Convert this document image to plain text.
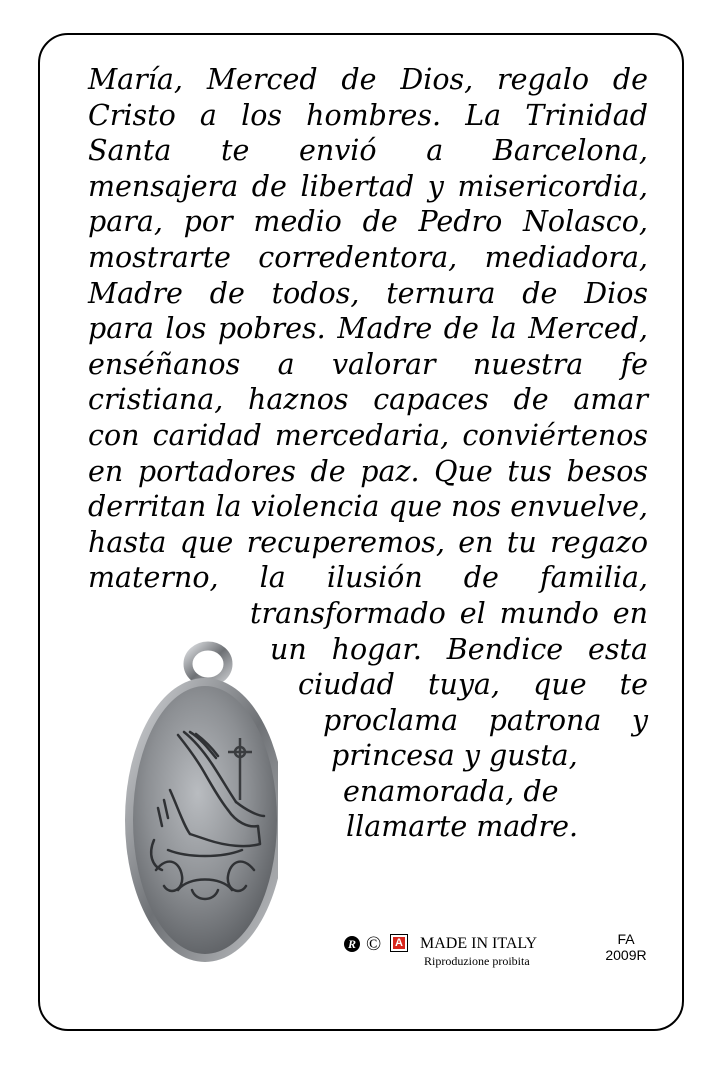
María, Merced de Dios, regalo de
Cristo a los hombres. La Trinidad
Santa te envió a Barcelona,
mensajera de libertad y misericordia,
para, por medio de Pedro Nolasco,
mostrarte corredentora, mediadora,
Madre de todos, ternura de Dios
para los pobres. Madre de la Merced,
enséñanos a valorar nuestra fe
cristiana, haznos capaces de amar
con caridad mercedaria, conviértenos
en portadores de paz. Que tus besos
derritan la violencia que nos envuelve,
hasta que recuperemos, en tu regazo
materno, la ilusión de familia,
transformado el mundo en
un hogar. Bendice esta
ciudad tuya, que te
proclama patrona y
princesa y gusta,
enamorada, de
llamarte madre.
R © A MADE IN ITALY
Riproduzione proibita
FA
2009R
